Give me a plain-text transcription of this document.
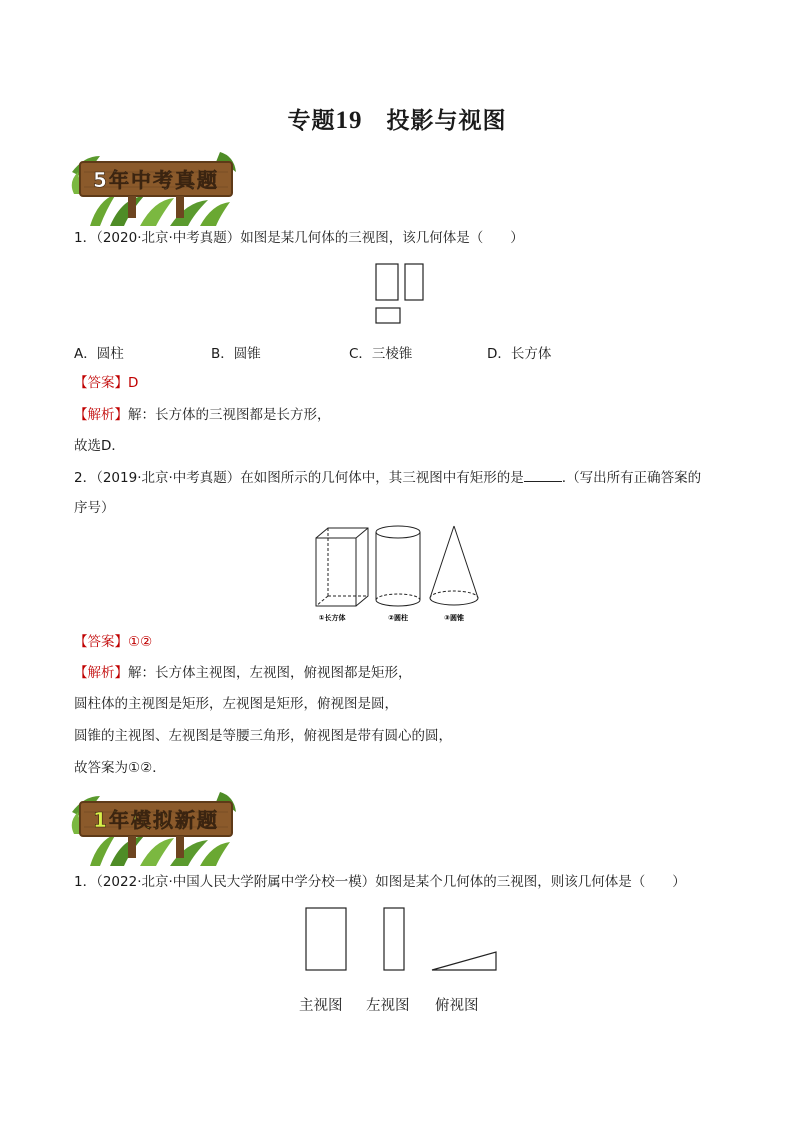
专题19　 投影与视图
5年中考真题
1．（2020·北京·中考真题）如图是某几何体的三视图，该几何体是（　　）
A．圆柱	B．圆锥	C．三棱锥	D．长方体
【答案】D
【解析】解：长方体的三视图都是长方形，
故选D．
2．（2019·北京·中考真题）在如图所示的几何体中，其三视图中有矩形的是	.（写出所有正确答案的
序号）
①长方体	②圆柱	③圆锥
【答案】①②
【解析】解：长方体主视图，左视图，俯视图都是矩形，
圆柱体的主视图是矩形，左视图是矩形，俯视图是圆，
圆锥的主视图、左视图是等腰三角形，俯视图是带有圆心的圆，
故答案为①②．
1年模拟新题
1．（2022·北京·中国人民大学附属中学分校一模）如图是某个几何体的三视图，则该几何体是（　　）
主视图 左视图 俯视图
